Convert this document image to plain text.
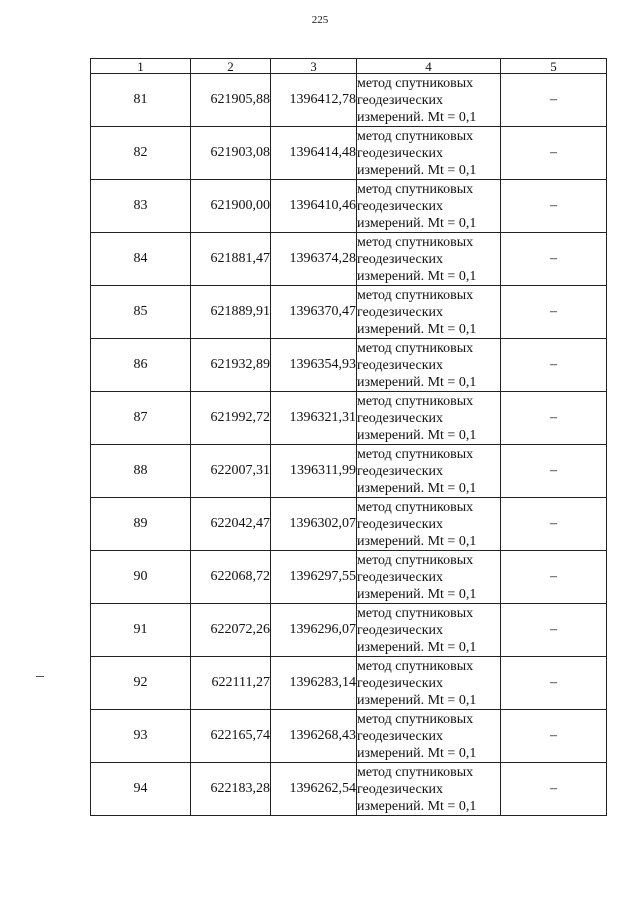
225
1	2	3	4	5
81	621905,88	1396412,78	метод спутниковых
геодезических
измерений. Mt = 0,1	–
82	621903,08	1396414,48	метод спутниковых
геодезических
измерений. Mt = 0,1	–
83	621900,00	1396410,46	метод спутниковых
геодезических
измерений. Mt = 0,1	–
84	621881,47	1396374,28	метод спутниковых
геодезических
измерений. Mt = 0,1	–
85	621889,91	1396370,47	метод спутниковых
геодезических
измерений. Mt = 0,1	–
86	621932,89	1396354,93	метод спутниковых
геодезических
измерений. Mt = 0,1	–
87	621992,72	1396321,31	метод спутниковых
геодезических
измерений. Mt = 0,1	–
88	622007,31	1396311,99	метод спутниковых
геодезических
измерений. Mt = 0,1	–
89	622042,47	1396302,07	метод спутниковых
геодезических
измерений. Mt = 0,1	–
90	622068,72	1396297,55	метод спутниковых
геодезических
измерений. Mt = 0,1	–
91	622072,26	1396296,07	метод спутниковых
геодезических
измерений. Mt = 0,1	–
92	622111,27	1396283,14	метод спутниковых
геодезических
измерений. Mt = 0,1	–
93	622165,74	1396268,43	метод спутниковых
геодезических
измерений. Mt = 0,1	–
94	622183,28	1396262,54	метод спутниковых
геодезических
измерений. Mt = 0,1	–
